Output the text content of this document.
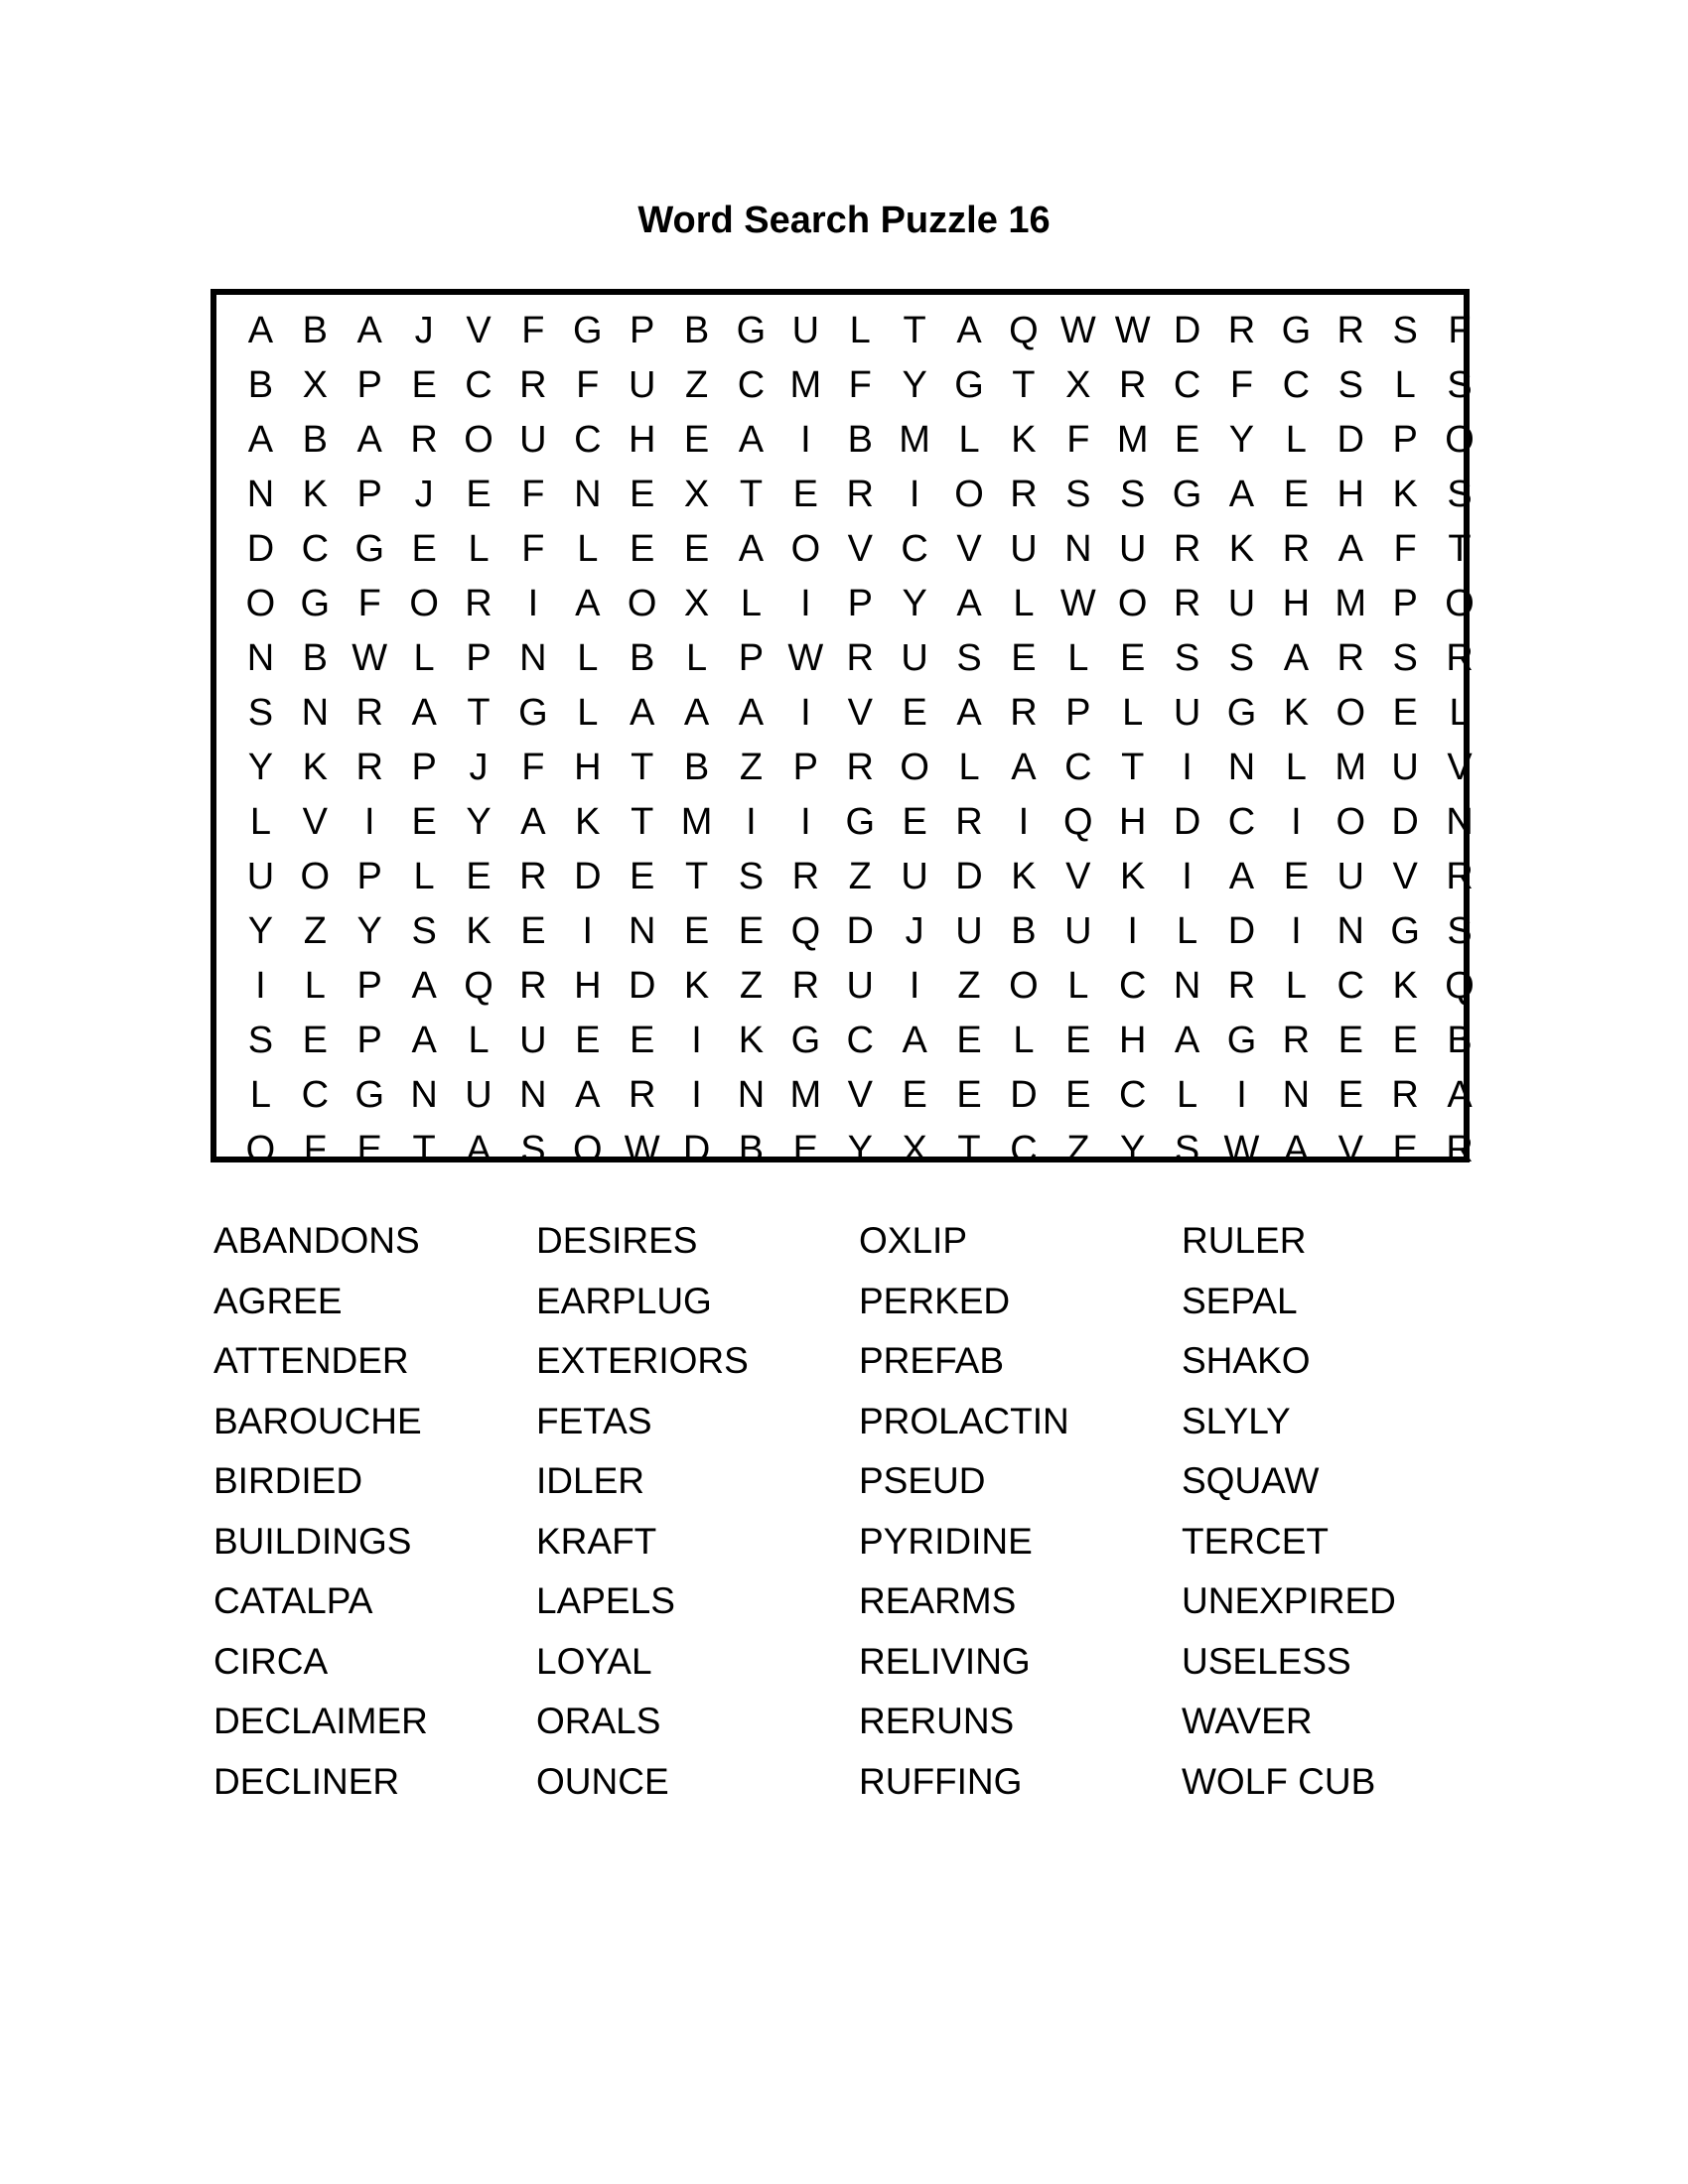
Word Search Puzzle 16
A B A J V F G P B G U L T A Q W W D R G R S F
B X P E C R F U Z C M F Y G T X R C F C S L S
A B A R O U C H E A I B M L K F M E Y L D P O
N K P J E F N E X T E R I O R S S G A E H K S
D C G E L F L E E A O V C V U N U R K R A F T
O G F O R I A O X L	I P Y A L W O R U H M P O
N B W L P N L B L P W R U S E L E S S A R S R
S N R A T G L A A A I V E A R P L U G K O E L
Y K R P J F H T B Z P R O L A C T	I N L M U V
L V I E Y A K T M I	I G E R I Q H D C I O D N
U O P L E R D E T S R Z U D K V K I A E U V R
Y Z Y S K E I N E E Q D J U B U I	L D I N G S
I	L P A Q R H D K Z R U I	Z O L C N R L C K Q
S E P A L U E E I K G C A E L E H A G R E E B
L C G N U N A R I N M V E E D E C L	I N E R A
O F E T A S O W D B E Y X T C Z Y S W A V E R
ABANDONS	DESIRES	OXLIP	RULER
AGREE	EARPLUG	PERKED	SEPAL
ATTENDER	EXTERIORS	PREFAB	SHAKO
BAROUCHE	FETAS	PROLACTIN	SLYLY
BIRDIED	IDLER	PSEUD	SQUAW
BUILDINGS	KRAFT	PYRIDINE	TERCET
CATALPA	LAPELS	REARMS	UNEXPIRED
CIRCA	LOYAL	RELIVING	USELESS
DECLAIMER	ORALS	RERUNS	WAVER
DECLINER	OUNCE	RUFFING	WOLF CUB
